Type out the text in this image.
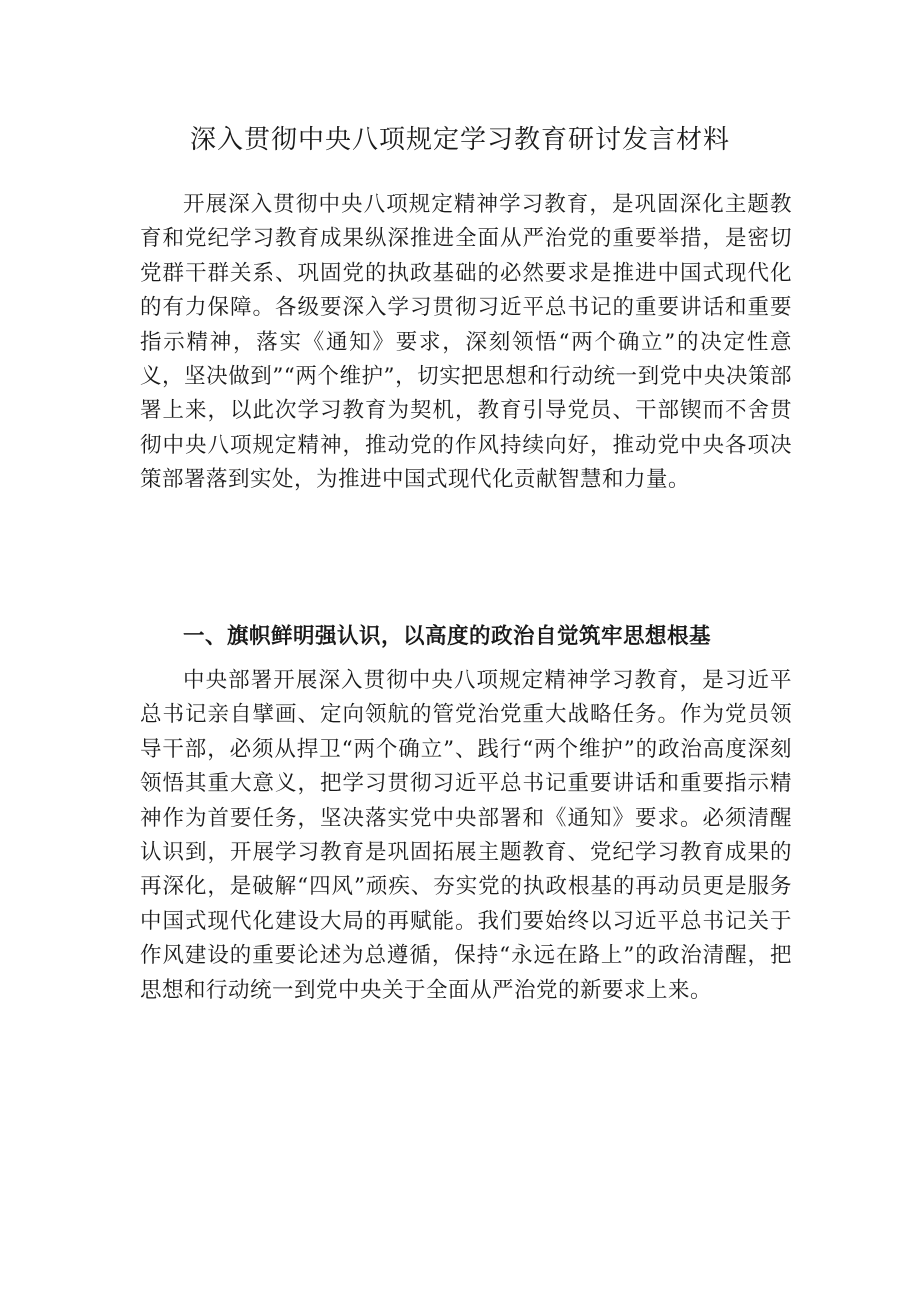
深入贯彻中央八项规定学习教育研讨发言材料

开展深入贯彻中央八项规定精神学习教育，是巩固深化主题教育和党纪学习教育成果纵深推进全面从严治党的重要举措，是密切党群干群关系、巩固党的执政基础的必然要求是推进中国式现代化的有力保障。各级要深入学习贯彻习近平总书记的重要讲话和重要指示精神，落实《通知》要求，深刻领悟“两个确立”的决定性意义，坚决做到”“两个维护”，切实把思想和行动统一到党中央决策部署上来，以此次学习教育为契机，教育引导党员、干部锲而不舍贯彻中央八项规定精神，推动党的作风持续向好，推动党中央各项决策部署落到实处，为推进中国式现代化贡献智慧和力量。

一、旗帜鲜明强认识，以高度的政治自觉筑牢思想根基

中央部署开展深入贯彻中央八项规定精神学习教育，是习近平总书记亲自擘画、定向领航的管党治党重大战略任务。作为党员领导干部，必须从捍卫“两个确立”、践行“两个维护”的政治高度深刻领悟其重大意义，把学习贯彻习近平总书记重要讲话和重要指示精神作为首要任务，坚决落实党中央部署和《通知》要求。必须清醒认识到，开展学习教育是巩固拓展主题教育、党纪学习教育成果的再深化，是破解“四风”顽疾、夯实党的执政根基的再动员更是服务中国式现代化建设大局的再赋能。我们要始终以习近平总书记关于作风建设的重要论述为总遵循，保持“永远在路上”的政治清醒，把思想和行动统一到党中央关于全面从严治党的新要求上来。
